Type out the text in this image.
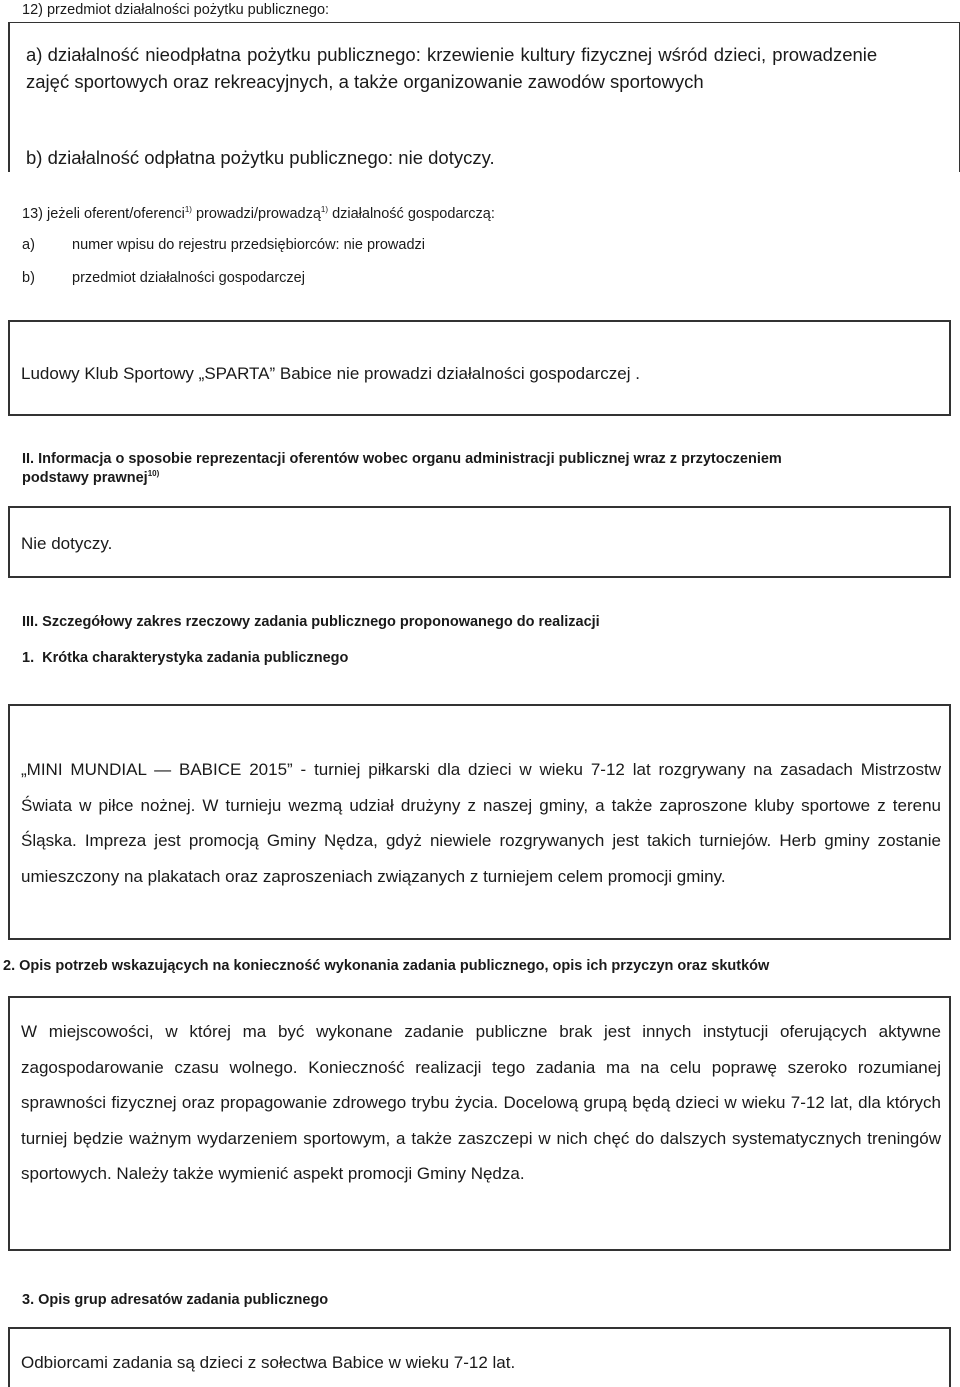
12) przedmiot działalności pożytku publicznego:
a) działalność nieodpłatna pożytku publicznego: krzewienie kultury fizycznej wśród dzieci, prowadzenie
zajęć sportowych oraz rekreacyjnych, a także organizowanie zawodów sportowych
b) działalność odpłatna pożytku publicznego: nie dotyczy.
13) jeżeli oferent/oferenci$^{1)}$ prowadzi/prowadzą$^{1)}$ działalność gospodarczą:
a)	numer wpisu do rejestru przedsiębiorców: nie prowadzi
b)	przedmiot działalności gospodarczej
Ludowy Klub Sportowy „SPARTA” Babice nie prowadzi działalności gospodarczej .
II. Informacja o sposobie reprezentacji oferentów wobec organu administracji publicznej wraz z przytoczeniem
podstawy prawnej$^{10)}$
Nie dotyczy.
III. Szczegółowy zakres rzeczowy zadania publicznego proponowanego do realizacji
1.  Krótka charakterystyka zadania publicznego
„MINI MUNDIAL — BABICE 2015” - turniej piłkarski dla dzieci w wieku 7-12 lat rozgrywany na zasadach Mistrzostw Świata w piłce nożnej. W turnieju wezmą udział drużyny z naszej gminy, a także zaproszone kluby sportowe z terenu Śląska. Impreza jest promocją Gminy Nędza, gdyż niewiele rozgrywanych jest takich turniejów. Herb gminy zostanie umieszczony na plakatach oraz zaproszeniach związanych z turniejem celem promocji gminy.
2. Opis potrzeb wskazujących na konieczność wykonania zadania publicznego, opis ich przyczyn oraz skutków
W miejscowości, w której ma być wykonane zadanie publiczne brak jest innych instytucji oferujących aktywne zagospodarowanie czasu wolnego. Konieczność realizacji tego zadania ma na celu poprawę szeroko rozumianej sprawności fizycznej oraz propagowanie zdrowego trybu życia. Docelową grupą będą dzieci w wieku 7-12 lat, dla których turniej będzie ważnym wydarzeniem sportowym, a także zaszczepi w nich chęć do dalszych systematycznych treningów sportowych. Należy także wymienić aspekt promocji Gminy Nędza.
3. Opis grup adresatów zadania publicznego
Odbiorcami zadania są dzieci z sołectwa Babice w wieku 7-12 lat.
